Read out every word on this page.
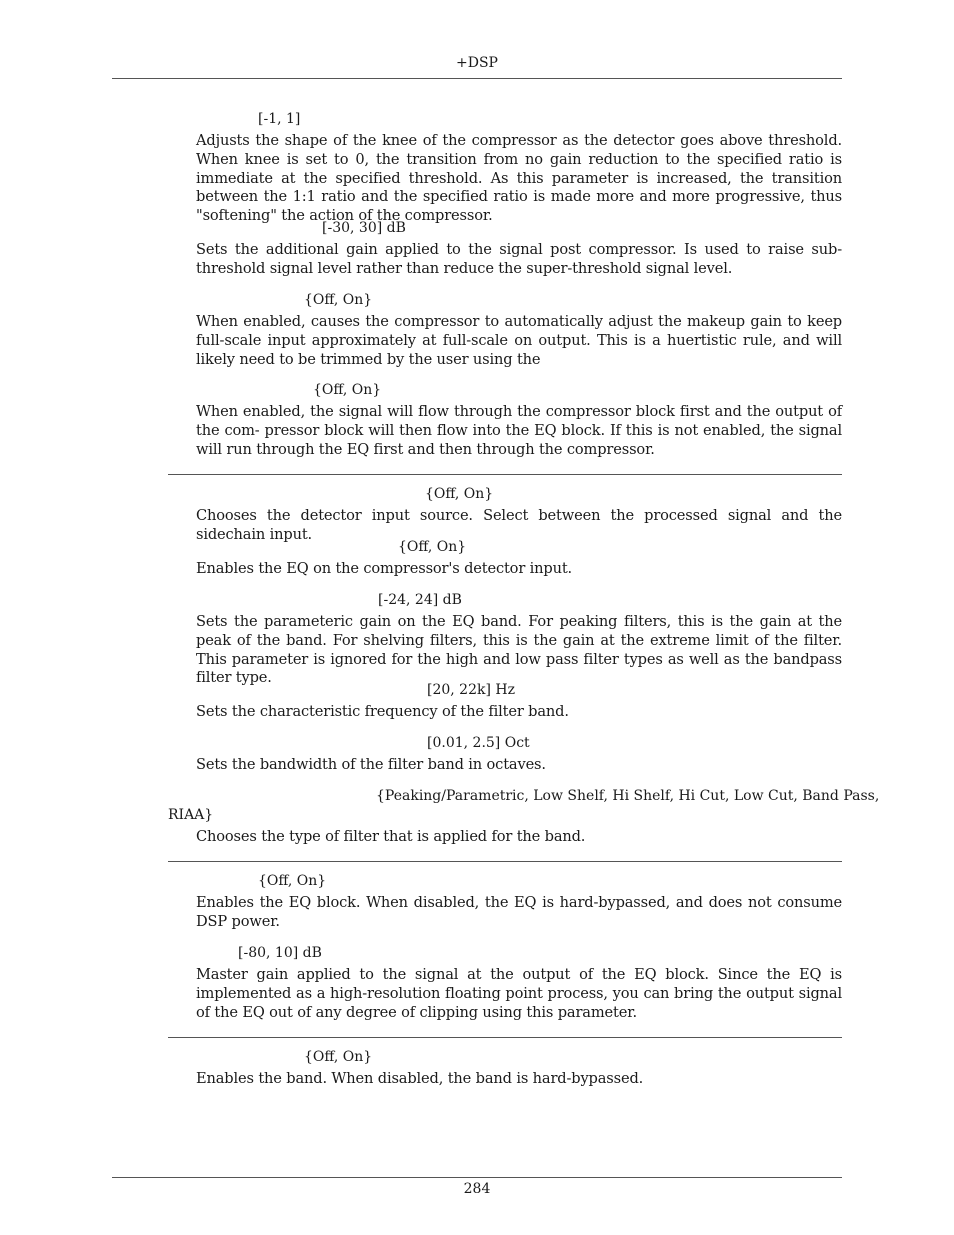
+DSP
[-1, 1]
Adjusts the shape of the knee of the compressor as the detector goes above threshold. When knee is set to 0, the transition from no gain reduction to the specified ratio is immediate at the specified threshold. As this parameter is increased, the transition between the 1:1 ratio and the specified ratio is made more and more progressive, thus "softening" the action of the compressor.
[-30, 30] dB
Sets the additional gain applied to the signal post compressor. Is used to raise sub-threshold signal level rather than reduce the super-threshold signal level.
{Off, On}
When enabled, causes the compressor to automatically adjust the makeup gain to keep full-scale input approximately at full-scale on output. This is a huertistic rule, and will likely need to be trimmed by the user using the
{Off, On}
When enabled, the signal will flow through the compressor block first and the output of the com- pressor block will then flow into the EQ block. If this is not enabled, the signal will run through the EQ first and then through the compressor.
{Off, On}
Chooses the detector input source. Select between the processed signal and the sidechain input.
{Off, On}
Enables the EQ on the compressor's detector input.
[-24, 24] dB
Sets the parameteric gain on the EQ band. For peaking filters, this is the gain at the peak of the band. For shelving filters, this is the gain at the extreme limit of the filter. This parameter is ignored for the high and low pass filter types as well as the bandpass filter type.
[20, 22k] Hz
Sets the characteristic frequency of the filter band.
[0.01, 2.5] Oct
Sets the bandwidth of the filter band in octaves.
{Peaking/Parametric, Low Shelf, Hi Shelf, Hi Cut, Low Cut, Band Pass,
RIAA}
Chooses the type of filter that is applied for the band.
{Off, On}
Enables the EQ block. When disabled, the EQ is hard-bypassed, and does not consume DSP power.
[-80, 10] dB
Master gain applied to the signal at the output of the EQ block. Since the EQ is implemented as a high-resolution floating point process, you can bring the output signal of the EQ out of any degree of clipping using this parameter.
{Off, On}
Enables the band. When disabled, the band is hard-bypassed.
284
